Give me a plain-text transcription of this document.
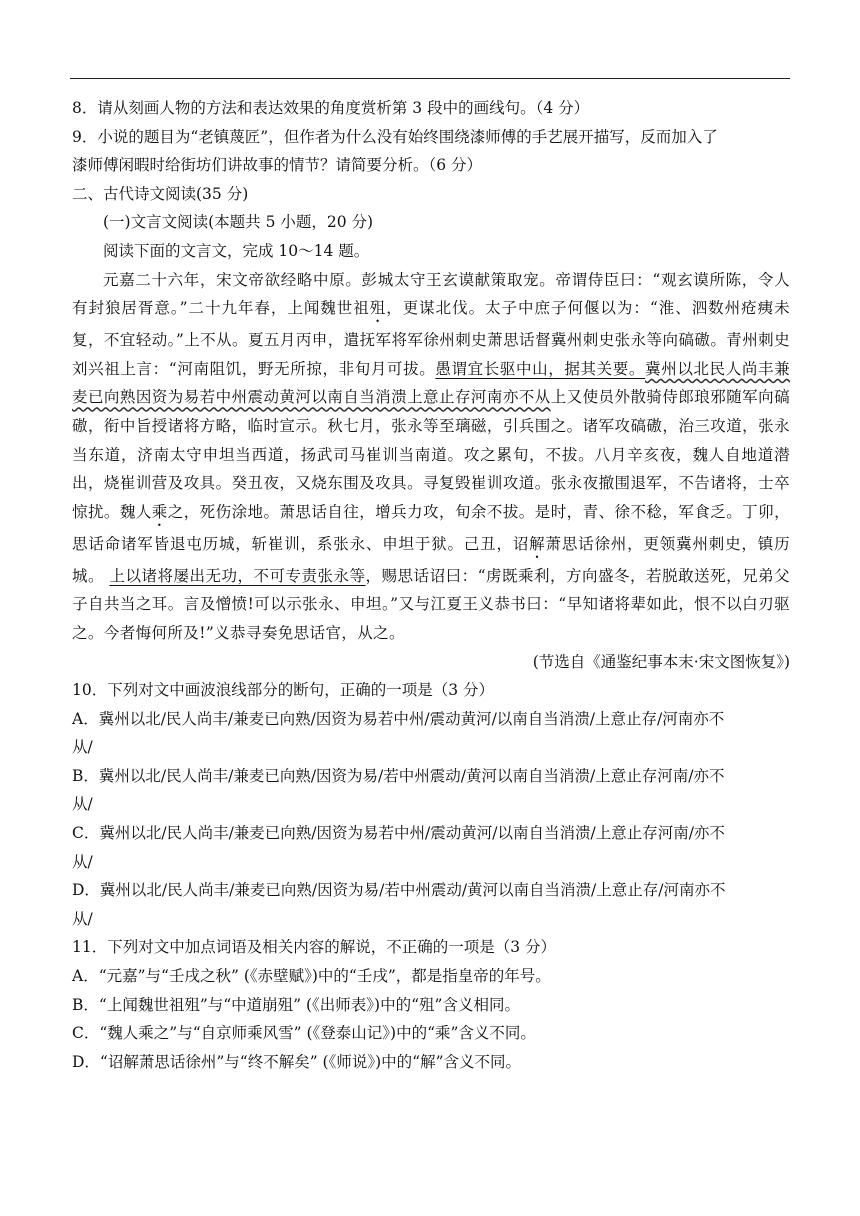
8．请从刻画人物的方法和表达效果的角度赏析第 3 段中的画线句。（4 分）
9．小说的题目为“老镇蔑匠”，但作者为什么没有始终围绕漆师傅的手艺展开描写，反而加入了
漆师傅闲暇时给街坊们讲故事的情节？请简要分析。（6 分）
二、古代诗文阅读(35 分)
(一)文言文阅读(本题共 5 小题，20 分)
阅读下面的文言文，完成 10～14 题。

元嘉二十六年，宋文帝欲经略中原。彭城太守王玄谟献策取宠。帝谓侍臣曰：“观玄谟所陈，令人有封狼居胥意。”二十九年春，上闻魏世祖殂，更谋北伐。太子中庶子何偃以为：“淮、泗数州疮痍未复，不宜轻动。”上不从。夏五月丙申，遣抚军将军徐州刺史萧思话督冀州刺史张永等向碻磝。青州刺史刘兴祖上言：“河南阻饥，野无所掠，非旬月可拔。愚谓宜长驱中山，据其关要。冀州以北民人尚丰兼麦已向熟因资为易若中州震动黄河以南自当消溃上意止存河南亦不从上又使员外散骑侍郎琅邪随军向碻磝，衔中旨授诸将方略，临时宣示。秋七月，张永等至璃磁，引兵围之。诸军攻碻磝，治三攻道，张永当东道，济南太守申坦当西道，扬武司马崔训当南道。攻之累旬，不拔。八月辛亥夜，魏人自地道潜出，烧崔训营及攻具。癸丑夜，又烧东围及攻具。寻复毁崔训攻道。张永夜撤围退军，不告诸将，士卒惊扰。魏人乘之，死伤涂地。萧思话自往，增兵力攻，旬余不拔。是时，青、徐不稔，军食乏。丁卯，思话命诸军皆退屯历城，斩崔训，系张永、申坦于狱。己丑，诏解萧思话徐州，更领冀州刺史，镇历城。 上以诸将屡出无功，不可专责张永等，赐思话诏曰：“虏既乘利，方向盛冬，若脱敢送死，兄弟父子自共当之耳。言及憎愤!可以示张永、申坦。”又与江夏王义恭书曰：“早知诸将辈如此，恨不以白刃驱之。今者悔何所及!”义恭寻奏免思话官，从之。

(节选自《通鉴纪事本末·宋文图恢复》)
10．下列对文中画波浪线部分的断句，正确的一项是（3 分）
A．冀州以北/民人尚丰/兼麦已向熟/因资为易若中州/震动黄河/以南自当消溃/上意止存/河南亦不
从/
B．冀州以北/民人尚丰/兼麦已向熟/因资为易/若中州震动/黄河以南自当消溃/上意止存河南/亦不
从/
C．冀州以北/民人尚丰/兼麦已向熟/因资为易若中州/震动黄河/以南自当消溃/上意止存河南/亦不
从/
D．冀州以北/民人尚丰/兼麦已向熟/因资为易/若中州震动/黄河以南自当消溃/上意止存/河南亦不
从/
11．下列对文中加点词语及相关内容的解说，不正确的一项是（3 分）
A．“元嘉”与“壬戌之秋” (《赤壁赋》)中的“壬戌”，都是指皇帝的年号。
B．“上闻魏世祖殂”与“中道崩殂” (《出师表》)中的“殂”含义相同。
C．“魏人乘之”与“自京师乘风雪” (《登泰山记》)中的“乘”含义不同。
D．“诏解萧思话徐州”与“终不解矣” (《师说》)中的“解”含义不同。
